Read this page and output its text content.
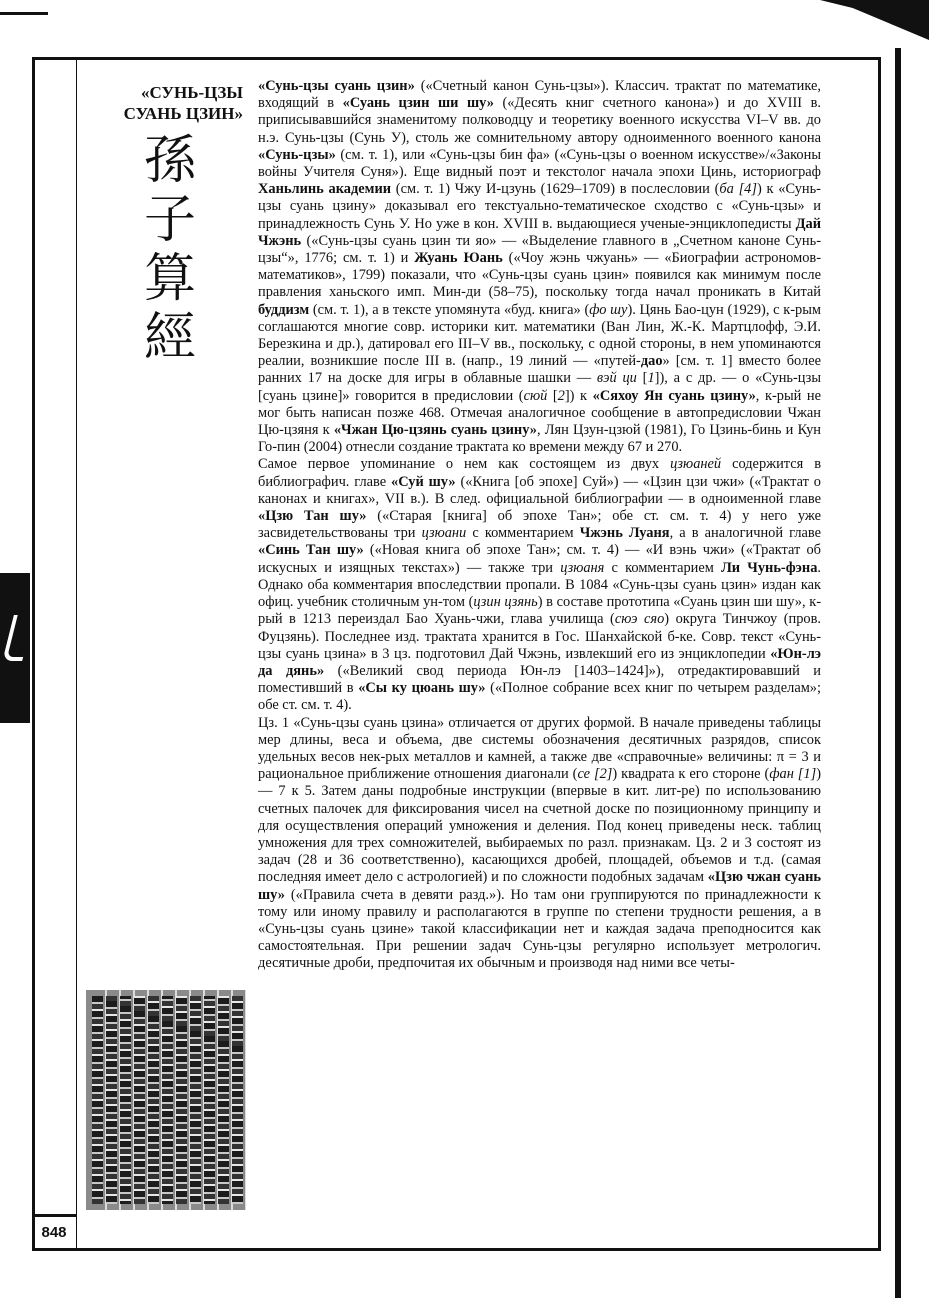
848
«СУНЬ-ЦЗЫ
СУАНЬ ЦЗИН»
孫
子
算
經

«Сунь-цзы суань цзин» («Счетный канон Сунь-цзы»). Классич. трактат по математике, входящий в «Суань цзин ши шу» («Десять книг счетного канона») и до XVIII в. приписывавшийся знаменитому полководцу и теоретику военного искусства VI–V вв. до н.э. Сунь-цзы (Сунь У), столь же сомнительному автору одноименного военного канона «Сунь-цзы» (см. т. 1), или «Сунь-цзы бин фа» («Сунь-цзы о военном искусстве»/«Законы войны Учителя Суня»). Еще видный поэт и текстолог начала эпохи Цинь, историограф Ханьлинь академии (см. т. 1) Чжу И-цзунь (1629–1709) в послесловии (ба [4]) к «Сунь-цзы суань цзину» доказывал его текстуально-тематическое сходство с «Сунь-цзы» и принадлежность Сунь У. Но уже в кон. XVIII в. выдающиеся ученые-энциклопедисты Дай Чжэнь («Сунь-цзы суань цзин ти яо» — «Выделение главного в „Счетном каноне Сунь-цзы“», 1776; см. т. 1) и Жуань Юань («Чоу жэнь чжуань» — «Биографии астрономов-математиков», 1799) показали, что «Сунь-цзы суань цзин» появился как минимум после правления ханьского имп. Мин-ди (58–75), поскольку тогда начал проникать в Китай буддизм (см. т. 1), а в тексте упомянута «буд. книга» (фо шу). Цянь Бао-цун (1929), с к-рым соглашаются многие совр. историки кит. математики (Ван Лин, Ж.-К. Мартцлофф, Э.И. Березкина и др.), датировал его III–V вв., поскольку, с одной стороны, в нем упоминаются реалии, возникшие после III в. (напр., 19 линий — «путей-дао» [см. т. 1] вместо более ранних 17 на доске для игры в облавные шашки — вэй ци [1]), а с др. — о «Сунь-цзы [суань цзине]» говорится в предисловии (сюй [2]) к «Сяхоу Ян суань цзину», к-рый не мог быть написан позже 468. Отмечая аналогичное сообщение в автопредисловии Чжан Цю-цзяня к «Чжан Цю-цзянь суань цзину», Лян Цзун-цзюй (1981), Го Цзинь-бинь и Кун Го-пин (2004) отнесли создание трактата ко времени между 67 и 270.

Самое первое упоминание о нем как состоящем из двух цзюаней содержится в библиографич. главе «Суй шу» («Книга [об эпохе] Суй») — «Цзин цзи чжи» («Трактат о канонах и книгах», VII в.). В след. официальной библиографии — в одноименной главе «Цзю Тан шу» («Старая [книга] об эпохе Тан»; обе ст. см. т. 4) у него уже засвидетельствованы три цзюани с комментарием Чжэнь Луаня, а в аналогичной главе «Синь Тан шу» («Новая книга об эпохе Тан»; см. т. 4) — «И вэнь чжи» («Трактат об искусных и изящных текстах») — также три цзюаня с комментарием Ли Чунь-фэна. Однако оба комментария впоследствии пропали. В 1084 «Сунь-цзы суань цзин» издан как офиц. учебник столичным ун-том (цзин цзянь) в составе прототипа «Суань цзин ши шу», к-рый в 1213 переиздал Бао Хуань-чжи, глава училища (сюэ сяо) округа Тинчжоу (пров. Фуцзянь). Последнее изд. трактата хранится в Гос. Шанхайской б-ке. Совр. текст «Сунь-цзы суань цзина» в 3 цз. подготовил Дай Чжэнь, извлекший его из энциклопедии «Юн-лэ да дянь» («Великий свод периода Юн-лэ [1403–1424]»), отредактировавший и поместивший в «Сы ку цюань шу» («Полное собрание всех книг по четырем разделам»; обе ст. см. т. 4).

Цз. 1 «Сунь-цзы суань цзина» отличается от других формой. В начале приведены таблицы мер длины, веса и объема, две системы обозначения десятичных разрядов, список удельных весов нек-рых металлов и камней, а также две «справочные» величины: π = 3 и рациональное приближение отношения диагонали (се [2]) квадрата к его стороне (фан [1]) — 7 к 5. Затем даны подробные инструкции (впервые в кит. лит-ре) по использованию счетных палочек для фиксирования чисел на счетной доске по позиционному принципу и для осуществления операций умножения и деления. Под конец приведены неск. таблиц умножения для трех сомножителей, выбираемых по разл. признакам. Цз. 2 и 3 состоят из задач (28 и 36 соответственно), касающихся дробей, площадей, объемов и т.д. (самая последняя имеет дело с астрологией) и по сложности подобных задачам «Цзю чжан суань шу» («Правила счета в девяти разд.»). Но там они группируются по принадлежности к тому или иному правилу и располагаются в группе по степени трудности решения, а в «Сунь-цзы суань цзине» такой классификации нет и каждая задача преподносится как самостоятельная. При решении задач Сунь-цзы регулярно использует метрологич. десятичные дроби, предпочитая их обычным и производя над ними все четы-
